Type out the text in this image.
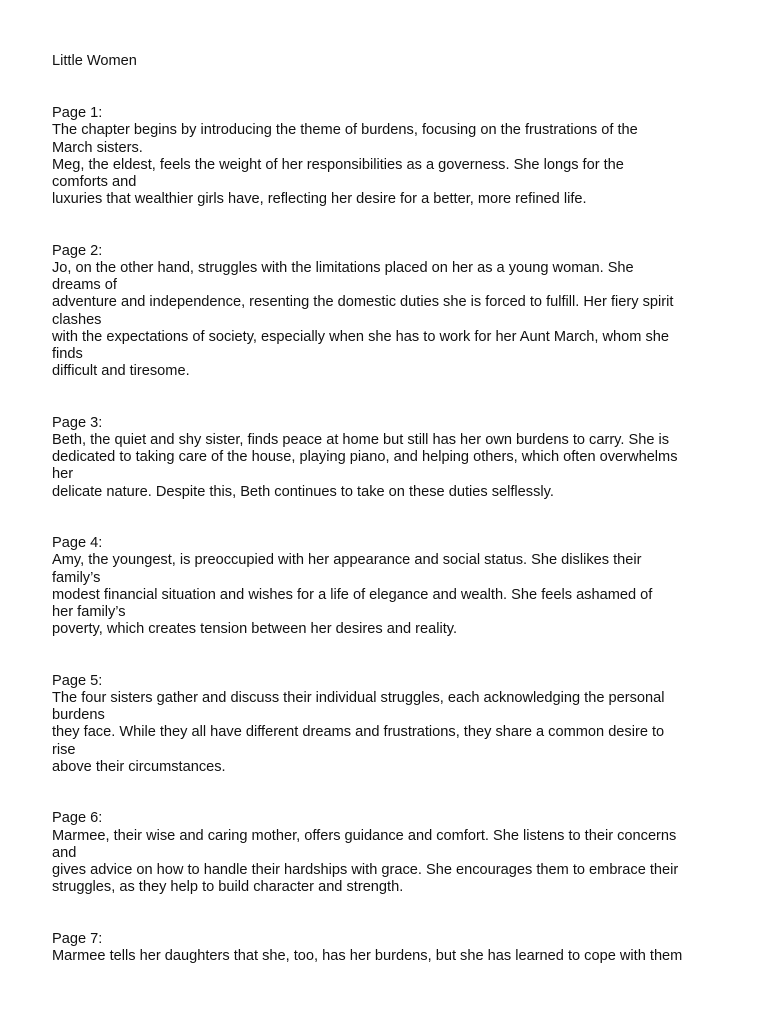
Little Women
Page 1:
The chapter begins by introducing the theme of burdens, focusing on the frustrations of the
March sisters.
Meg, the eldest, feels the weight of her responsibilities as a governess. She longs for the
comforts and
luxuries that wealthier girls have, reflecting her desire for a better, more refined life.
Page 2:
Jo, on the other hand, struggles with the limitations placed on her as a young woman. She
dreams of
adventure and independence, resenting the domestic duties she is forced to fulfill. Her fiery spirit
clashes
with the expectations of society, especially when she has to work for her Aunt March, whom she
finds
difficult and tiresome.
Page 3:
Beth, the quiet and shy sister, finds peace at home but still has her own burdens to carry. She is
dedicated to taking care of the house, playing piano, and helping others, which often overwhelms
her
delicate nature. Despite this, Beth continues to take on these duties selflessly.
Page 4:
Amy, the youngest, is preoccupied with her appearance and social status. She dislikes their
family’s
modest financial situation and wishes for a life of elegance and wealth. She feels ashamed of
her family’s
poverty, which creates tension between her desires and reality.
Page 5:
The four sisters gather and discuss their individual struggles, each acknowledging the personal
burdens
they face. While they all have different dreams and frustrations, they share a common desire to
rise
above their circumstances.
Page 6:
Marmee, their wise and caring mother, offers guidance and comfort. She listens to their concerns
and
gives advice on how to handle their hardships with grace. She encourages them to embrace their
struggles, as they help to build character and strength.
Page 7:
Marmee tells her daughters that she, too, has her burdens, but she has learned to cope with them
